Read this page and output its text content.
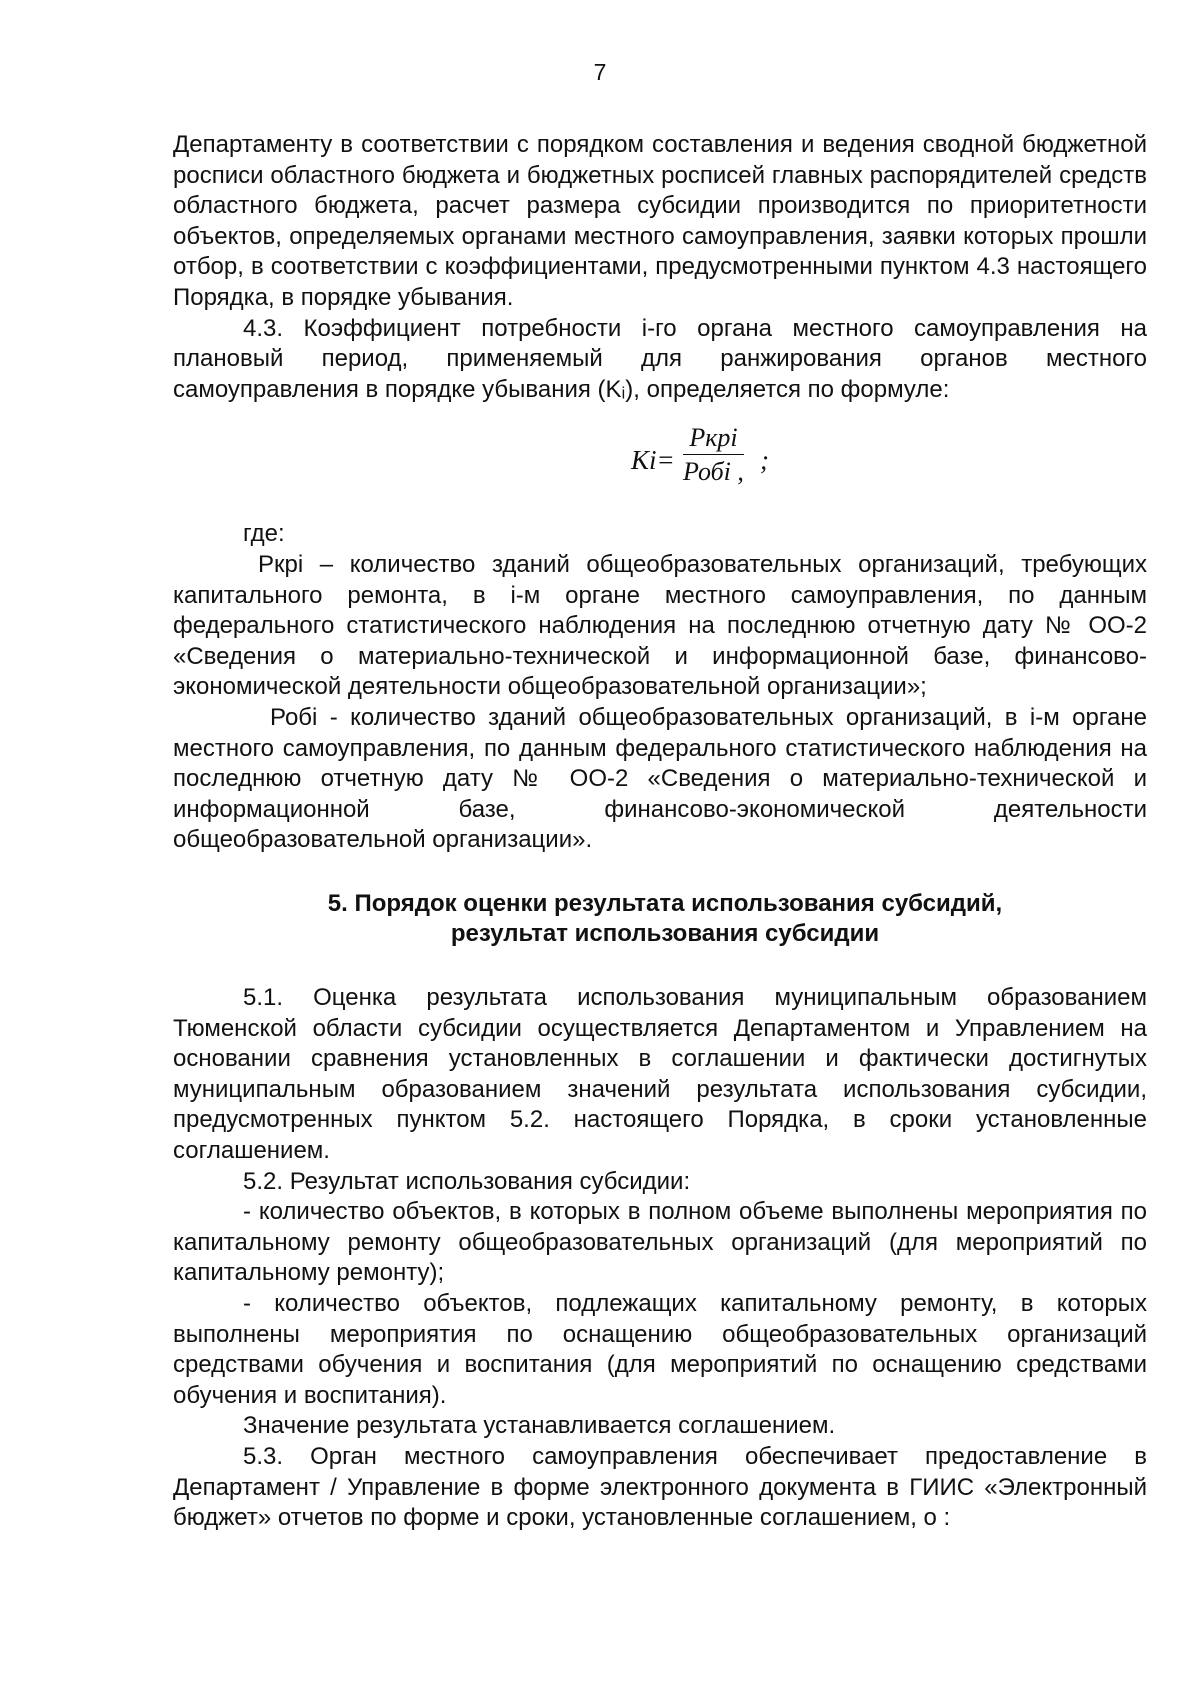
7

Департаменту в соответствии с порядком составления и ведения сводной бюджетной росписи областного бюджета и бюджетных росписей главных распорядителей средств областного бюджета, расчет размера субсидии производится по приоритетности объектов, определяемых органами местного самоуправления, заявки которых прошли отбор, в соответствии с коэффициентами, предусмотренными пунктом 4.3 настоящего Порядка, в порядке убывания.

4.3. Коэффициент потребности i-го органа местного самоуправления на плановый период, применяемый для ранжирования органов местного самоуправления в порядке убывания (Kᵢ), определяется по формуле:

Ki=
Ркрi
Робi , ;

где:

Ркрi – количество зданий общеобразовательных организаций, требующих капитального ремонта, в i-м органе местного самоуправления, по данным федерального статистического наблюдения на последнюю отчетную дату № ОО-2 «Сведения о материально-технической и информационной базе, финансово-экономической деятельности общеобразовательной организации»;

Робi - количество зданий общеобразовательных организаций, в i-м органе местного самоуправления, по данным федерального статистического наблюдения на последнюю отчетную дату № ОО-2 «Сведения о материально-технической и информационной базе, финансово-экономической деятельности общеобразовательной организации».

5. Порядок оценки результата использования субсидий,
результат использования субсидии

5.1. Оценка результата использования муниципальным образованием Тюменской области субсидии осуществляется Департаментом и Управлением на основании сравнения установленных в соглашении и фактически достигнутых муниципальным образованием значений результата использования субсидии, предусмотренных пунктом 5.2. настоящего Порядка, в сроки установленные соглашением.

5.2. Результат использования субсидии:

- количество объектов, в которых в полном объеме выполнены мероприятия по капитальному ремонту общеобразовательных организаций (для мероприятий по капитальному ремонту);

- количество объектов, подлежащих капитальному ремонту, в которых выполнены мероприятия по оснащению общеобразовательных организаций средствами обучения и воспитания (для мероприятий по оснащению средствами обучения и воспитания).

Значение результата устанавливается соглашением.

5.3. Орган местного самоуправления обеспечивает предоставление в Департамент / Управление в форме электронного документа в ГИИС «Электронный бюджет» отчетов по форме и сроки, установленные соглашением, о :
